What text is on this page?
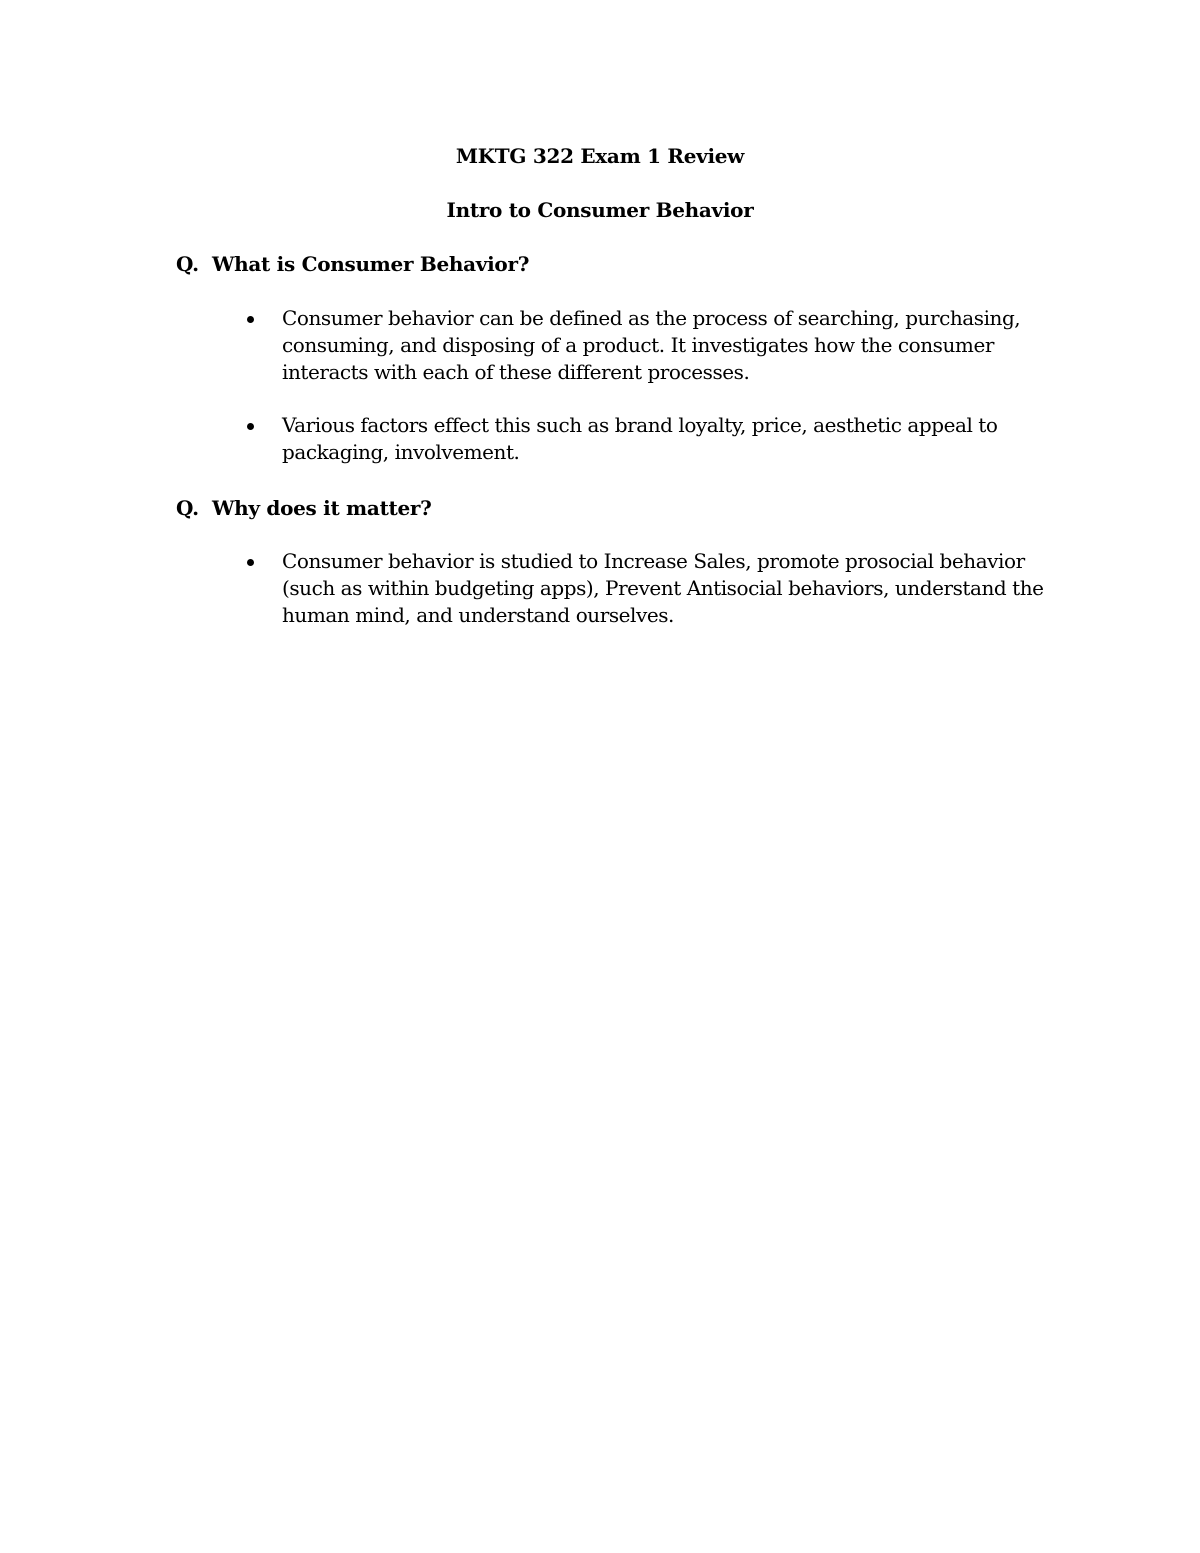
MKTG 322 Exam 1 Review
Intro to Consumer Behavior
Q. What is Consumer Behavior?
Consumer behavior can be defined as the process of searching, purchasing, consuming, and disposing of a product. It investigates how the consumer interacts with each of these different processes.
Various factors effect this such as brand loyalty, price, aesthetic appeal to packaging, involvement.
Q. Why does it matter?
Consumer behavior is studied to Increase Sales, promote prosocial behavior (such as within budgeting apps), Prevent Antisocial behaviors, understand the human mind, and understand ourselves.
